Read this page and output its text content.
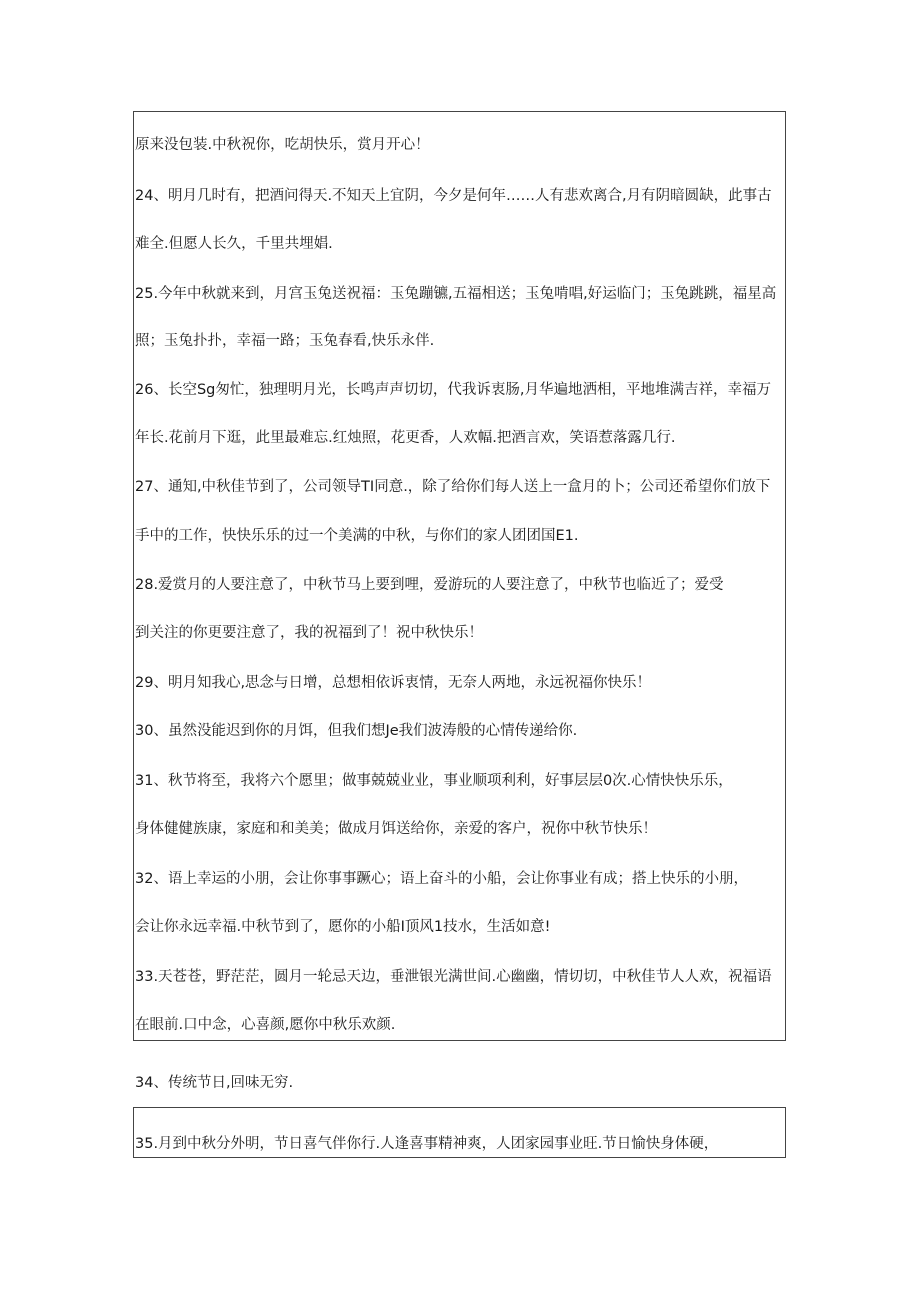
原来没包装.中秋祝你，吃胡快乐，赏月开心！
24、明月几时有，把酒问得天.不知天上宜阴，今夕是何年……人有悲欢离合,月有阴暗圆缺，此事古
难全.但愿人长久，千里共埋娼.
25.今年中秋就来到，月宫玉兔送祝福：玉兔蹦镳,五福相送；玉兔啃唱,好运临门；玉兔跳跳，福星高
照；玉兔扑扑，幸福一路；玉兔春看,快乐永伴.
26、长空Sg匆忙，独理明月光，长鸣声声切切，代我诉衷肠,月华遍地洒相，平地堆满吉祥，幸福万
年长.花前月下逛，此里最难忘.红烛照，花更香，人欢幅.把酒言欢，笑语惹落露几行.
27、通知,中秋佳节到了，公司领导TI同意.，除了给你们每人送上一盒月的卜；公司还希望你们放下
手中的工作，快快乐乐的过一个美满的中秋，与你们的家人团团国E1.
28.爱赏月的人要注意了，中秋节马上要到哩，爱游玩的人要注意了，中秋节也临近了；爱受
到关注的你更要注意了，我的祝福到了！祝中秋快乐！
29、明月知我心,思念与日增，总想相依诉衷情，无奈人两地，永远祝福你快乐！
30、虽然没能迟到你的月饵，但我们想Je我们波涛般的心情传递给你.
31、秋节将至，我将六个愿里；做事兢兢业业，事业顺项利利，好事层层0次.心情快快乐乐，
身体健健族康，家庭和和美美；做成月饵送给你，亲爱的客户，祝你中秋节快乐！
32、语上幸运的小朋，会让你事事蹶心；语上奋斗的小船，会让你事业有成；搭上快乐的小朋，
会让你永远幸福.中秋节到了，愿你的小船I顶风1技水，生活如意!
33.天苍苍，野茫茫，圆月一轮忌天边，垂泄银光满世间.心幽幽，情切切，中秋佳节人人欢，祝福语
在眼前.口中念，心喜颜,愿你中秋乐欢颜.
34、传统节日,回味无穷.
35.月到中秋分外明，节日喜气伴你行.人逢喜事精神爽，人团家园事业旺.节日愉快身体硬，
